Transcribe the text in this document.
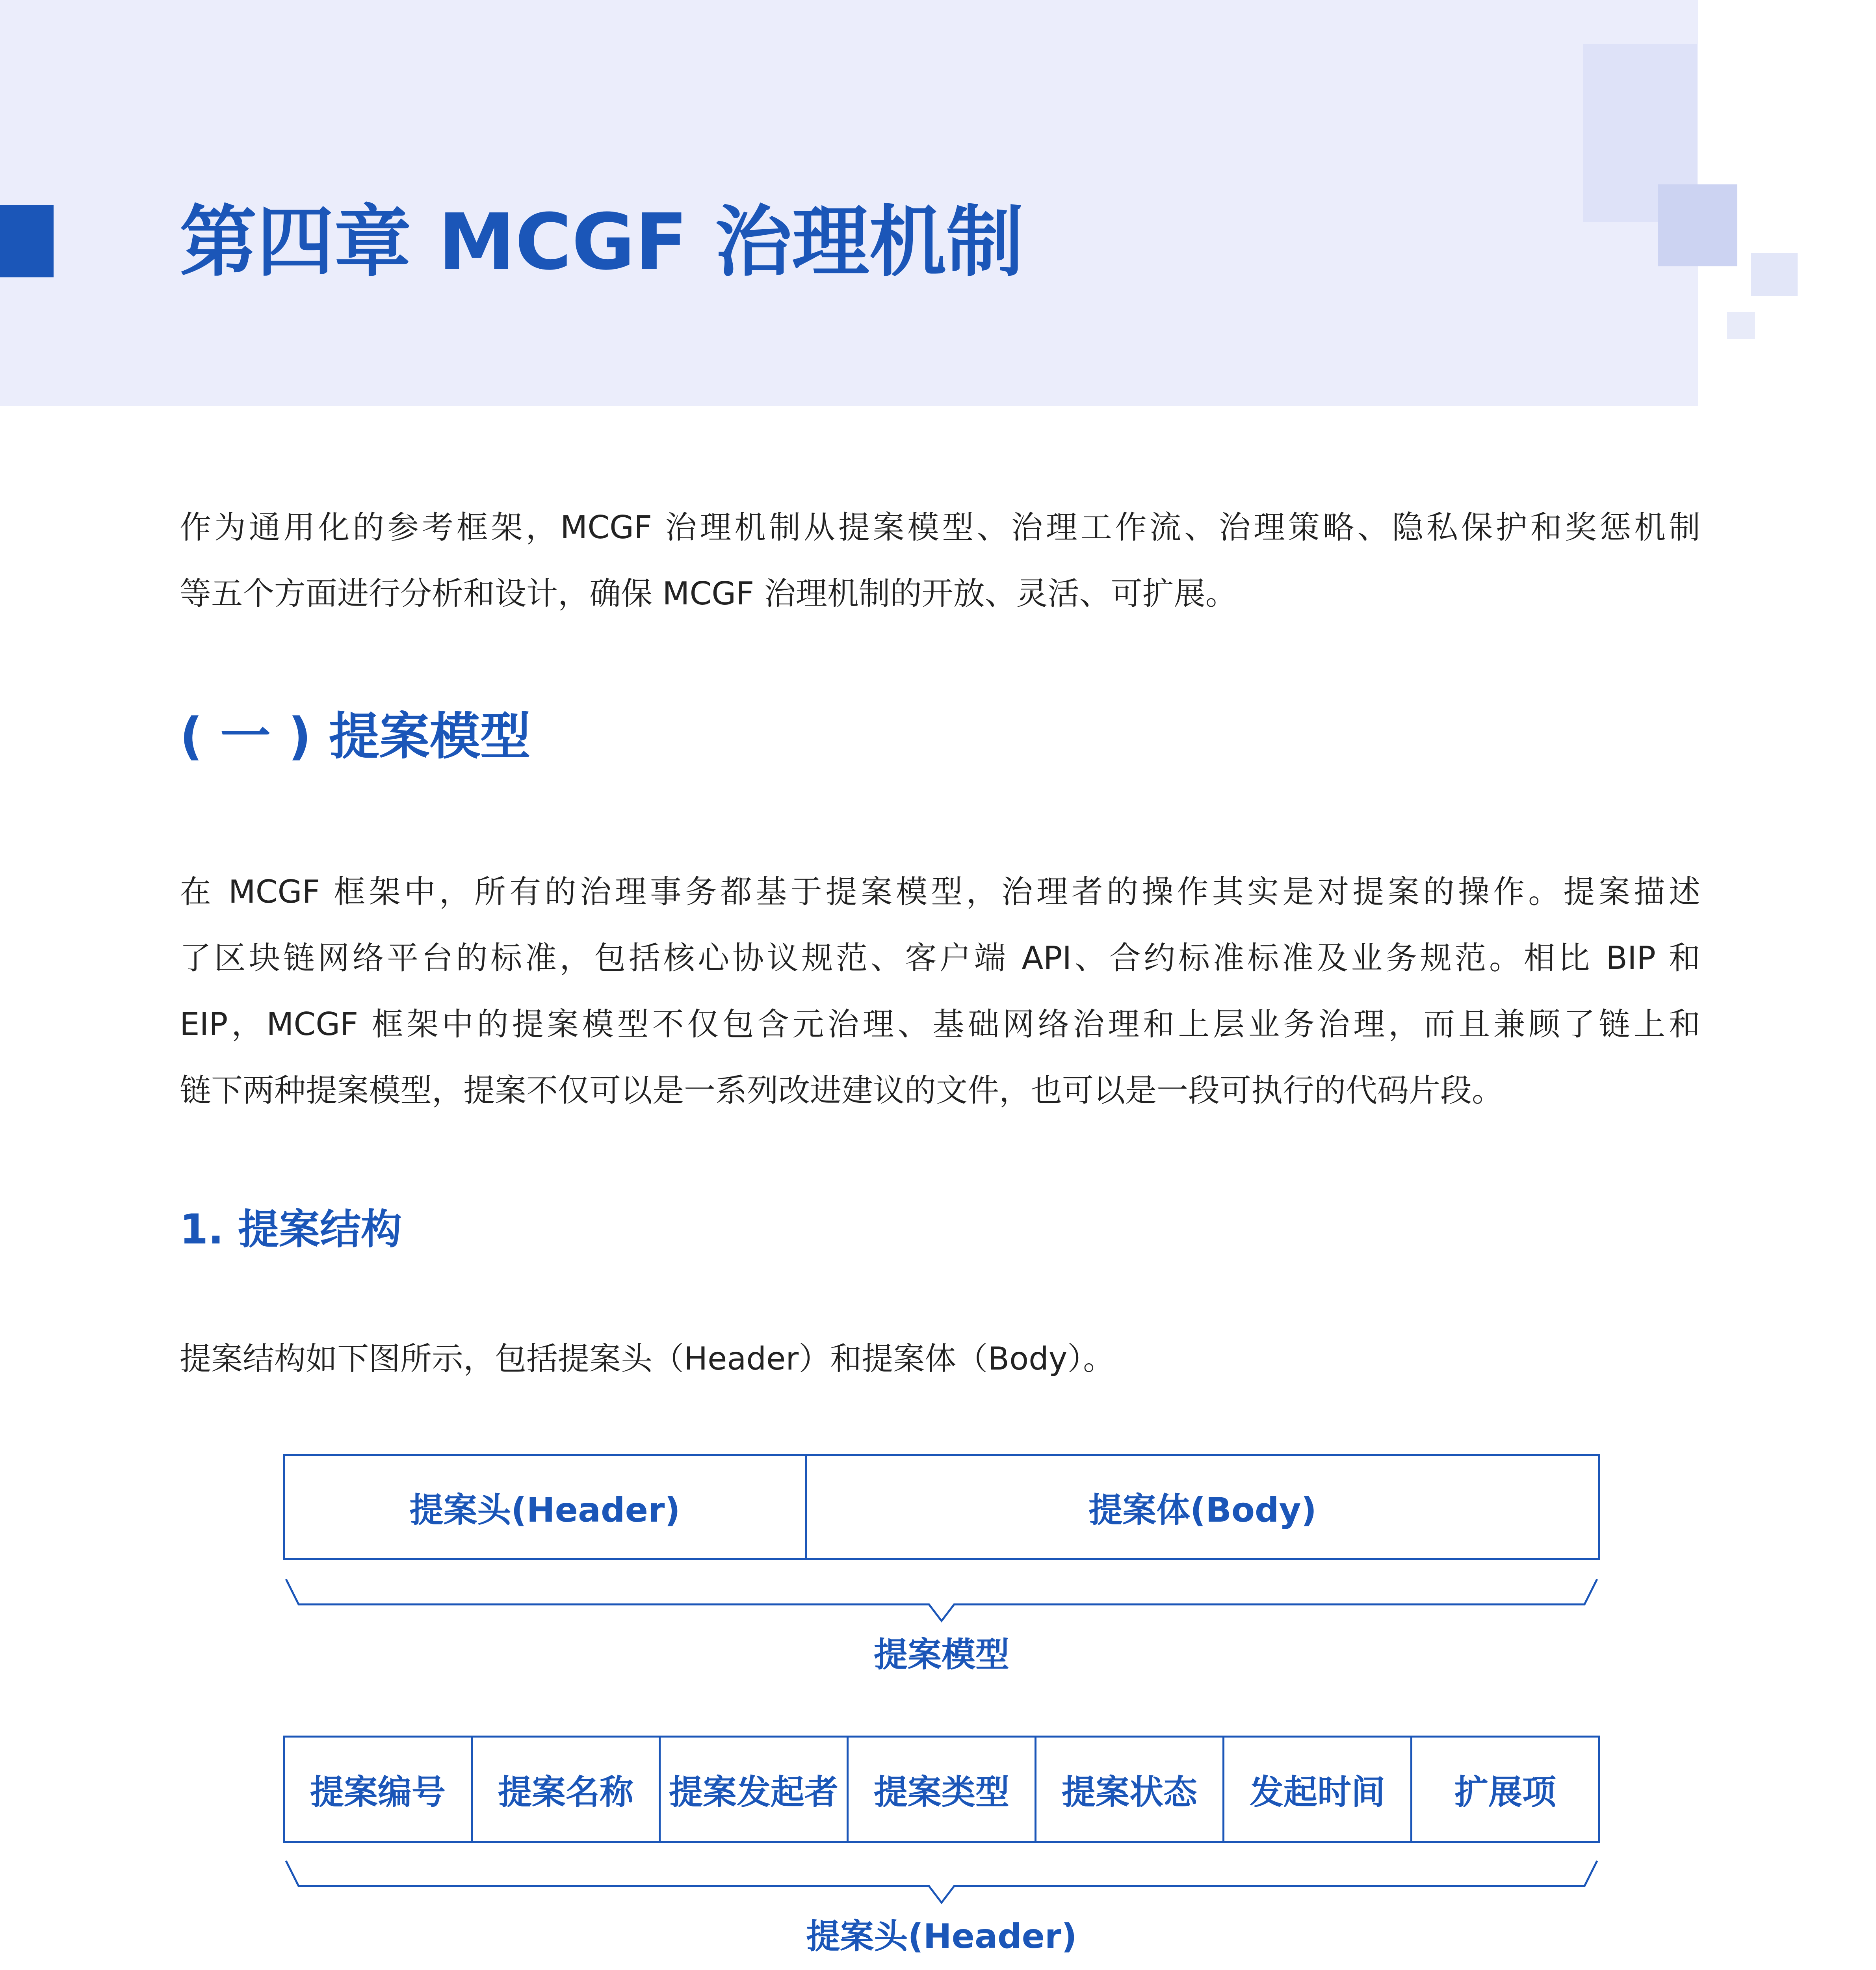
第四章 MCGF 治理机制
作为通用化的参考框架，MCGF 治理机制从提案模型、治理工作流、治理策略、隐私保护和奖惩机制
等五个方面进行分析和设计，确保 MCGF 治理机制的开放、灵活、可扩展。
( 一 ) 提案模型
在 MCGF 框架中，所有的治理事务都基于提案模型，治理者的操作其实是对提案的操作。提案描述
了区块链网络平台的标准，包括核心协议规范、客户端 API、合约标准标准及业务规范。相比 BIP 和
EIP，MCGF 框架中的提案模型不仅包含元治理、基础网络治理和上层业务治理，而且兼顾了链上和
链下两种提案模型，提案不仅可以是一系列改进建议的文件，也可以是一段可执行的代码片段。
1. 提案结构
提案结构如下图所示，包括提案头（Header）和提案体（Body）。
提案头(Header)	提案体(Body)
提案模型
提案编号	提案名称	提案发起者	提案类型	提案状态	发起时间	扩展项
提案头(Header)
